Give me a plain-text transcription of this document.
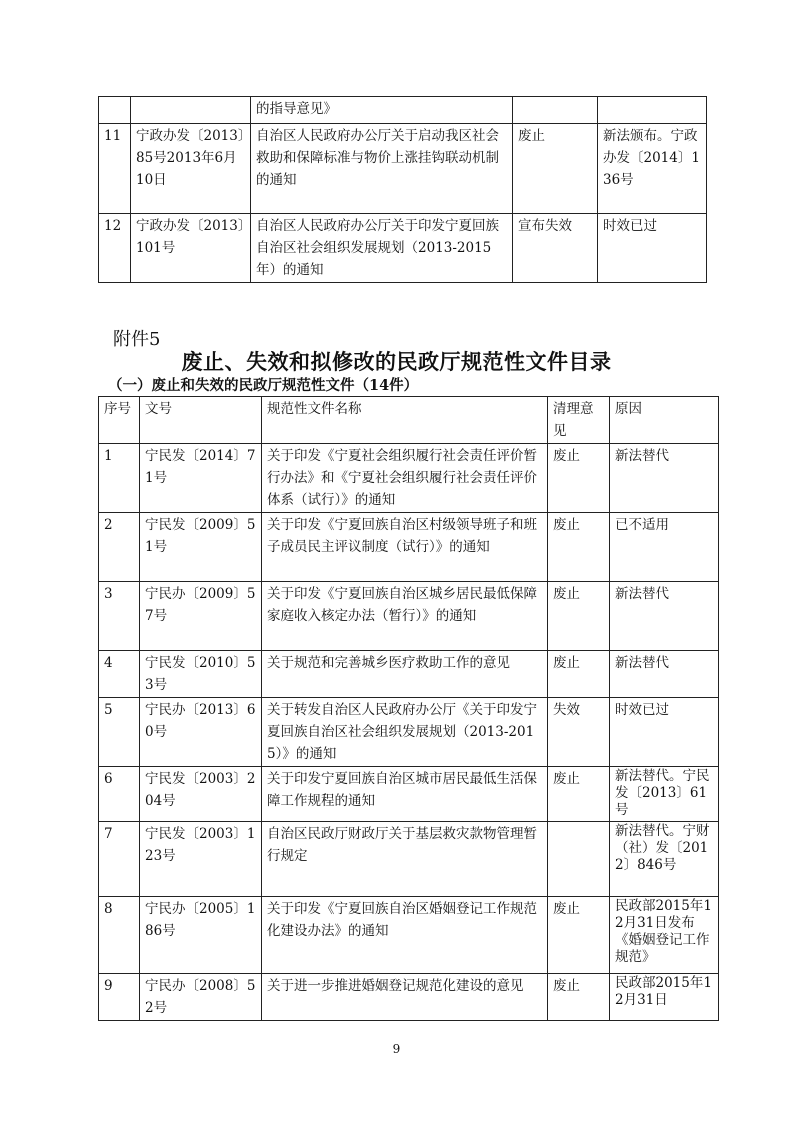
		的指导意见》		
11	宁政办发〔2013〕85号2013年6月10日	自治区人民政府办公厅关于启动我区社会救助和保障标准与物价上涨挂钩联动机制的通知	废止	新法颁布。宁政办发〔2014〕136号
12	宁政办发〔2013〕101号	自治区人民政府办公厅关于印发宁夏回族自治区社会组织发展规划（2013-2015年）的通知	宣布失效	时效已过
附件5
废止、失效和拟修改的民政厅规范性文件目录
（一）废止和失效的民政厅规范性文件（14件）
序号	文号	规范性文件名称	清理意见	原因
1	宁民发〔2014〕71号	关于印发《宁夏社会组织履行社会责任评价暂行办法》和《宁夏社会组织履行社会责任评价体系（试行）》的通知	废止	新法替代
2	宁民发〔2009〕51号	关于印发《宁夏回族自治区村级领导班子和班子成员民主评议制度（试行）》的通知	废止	已不适用
3	宁民办〔2009〕57号	关于印发《宁夏回族自治区城乡居民最低保障家庭收入核定办法（暂行）》的通知	废止	新法替代
4	宁民发〔2010〕53号	关于规范和完善城乡医疗救助工作的意见	废止	新法替代
5	宁民办〔2013〕60号	关于转发自治区人民政府办公厅《关于印发宁夏回族自治区社会组织发展规划（2013-2015）》的通知	失效	时效已过
6	宁民发〔2003〕204号	关于印发宁夏回族自治区城市居民最低生活保障工作规程的通知	废止	新法替代。宁民发〔2013〕61号
7	宁民发〔2003〕123号	自治区民政厅财政厅关于基层救灾款物管理暂行规定		新法替代。宁财（社）发〔2012〕846号
8	宁民办〔2005〕186号	关于印发《宁夏回族自治区婚姻登记工作规范化建设办法》的通知	废止	民政部2015年12月31日发布《婚姻登记工作规范》
9	宁民办〔2008〕52号	关于进一步推进婚姻登记规范化建设的意见	废止	民政部2015年12月31日
9
